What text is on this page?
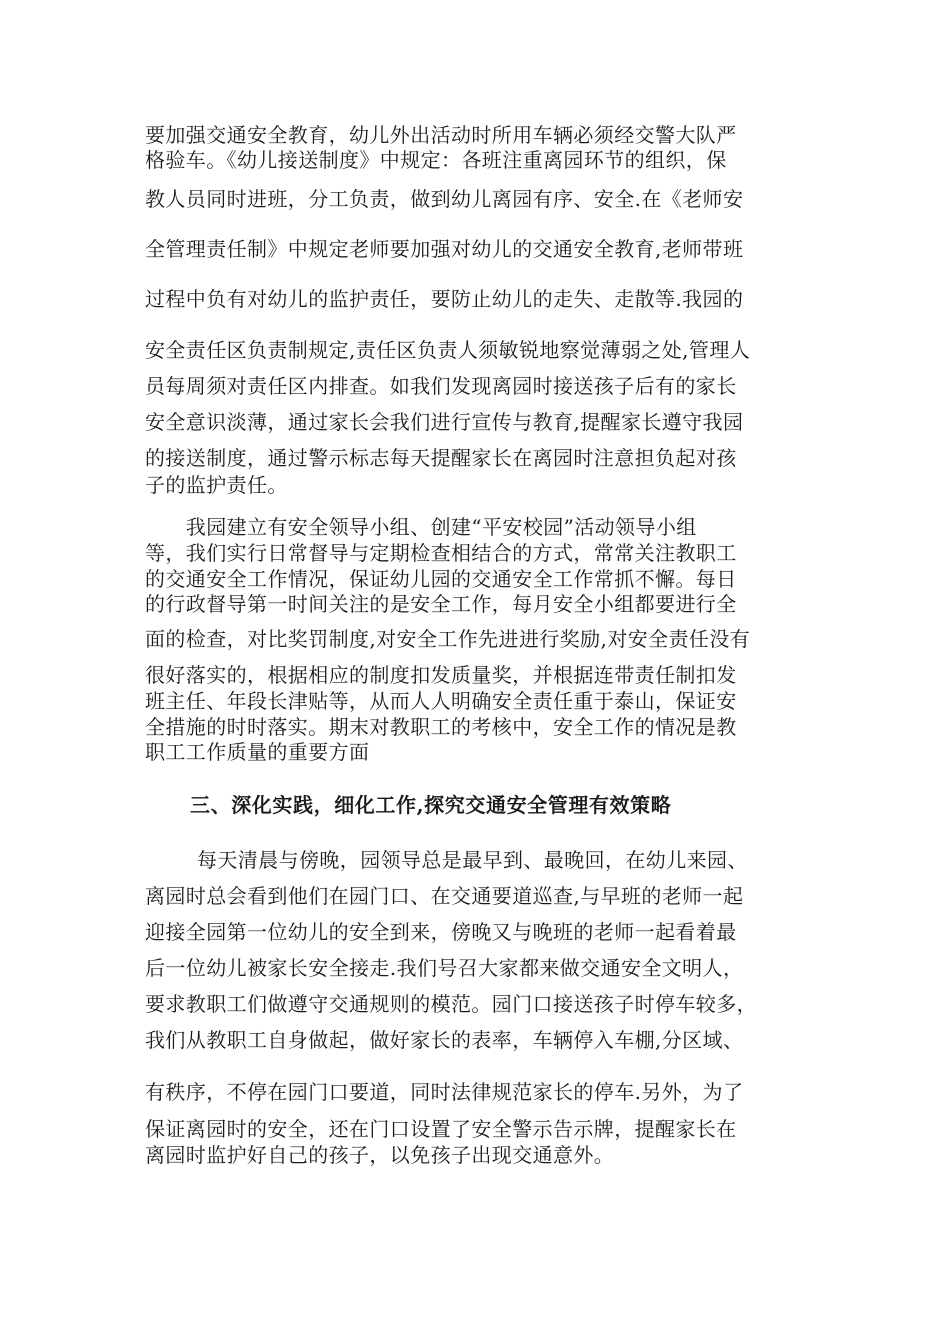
要加强交通安全教育，幼儿外出活动时所用车辆必须经交警大队严
格验车。《幼儿接送制度》中规定：各班注重离园环节的组织，保
教人员同时进班，分工负责，做到幼儿离园有序、安全.在《老师安
全管理责任制》中规定老师要加强对幼儿的交通安全教育,老师带班
过程中负有对幼儿的监护责任，要防止幼儿的走失、走散等.我园的
安全责任区负责制规定,责任区负责人须敏锐地察觉薄弱之处,管理人
员每周须对责任区内排查。如我们发现离园时接送孩子后有的家长
安全意识淡薄，通过家长会我们进行宣传与教育,提醒家长遵守我园
的接送制度，通过警示标志每天提醒家长在离园时注意担负起对孩
子的监护责任。
　　我园建立有安全领导小组、创建“平安校园”活动领导小组
等，我们实行日常督导与定期检查相结合的方式，常常关注教职工
的交通安全工作情况，保证幼儿园的交通安全工作常抓不懈。每日
的行政督导第一时间关注的是安全工作，每月安全小组都要进行全
面的检查，对比奖罚制度,对安全工作先进进行奖励,对安全责任没有
很好落实的，根据相应的制度扣发质量奖，并根据连带责任制扣发
班主任、年段长津贴等，从而人人明确安全责任重于泰山，保证安
全措施的时时落实。期末对教职工的考核中，安全工作的情况是教
职工工作质量的重要方面
三、深化实践，细化工作,探究交通安全管理有效策略
每天清晨与傍晚，园领导总是最早到、最晚回，在幼儿来园、
离园时总会看到他们在园门口、在交通要道巡查,与早班的老师一起
迎接全园第一位幼儿的安全到来，傍晚又与晚班的老师一起看着最
后一位幼儿被家长安全接走.我们号召大家都来做交通安全文明人，
要求教职工们做遵守交通规则的模范。园门口接送孩子时停车较多，
我们从教职工自身做起，做好家长的表率，车辆停入车棚,分区域、
有秩序，不停在园门口要道，同时法律规范家长的停车.另外，为了
保证离园时的安全，还在门口设置了安全警示告示牌，提醒家长在
离园时监护好自己的孩子，以免孩子出现交通意外。
